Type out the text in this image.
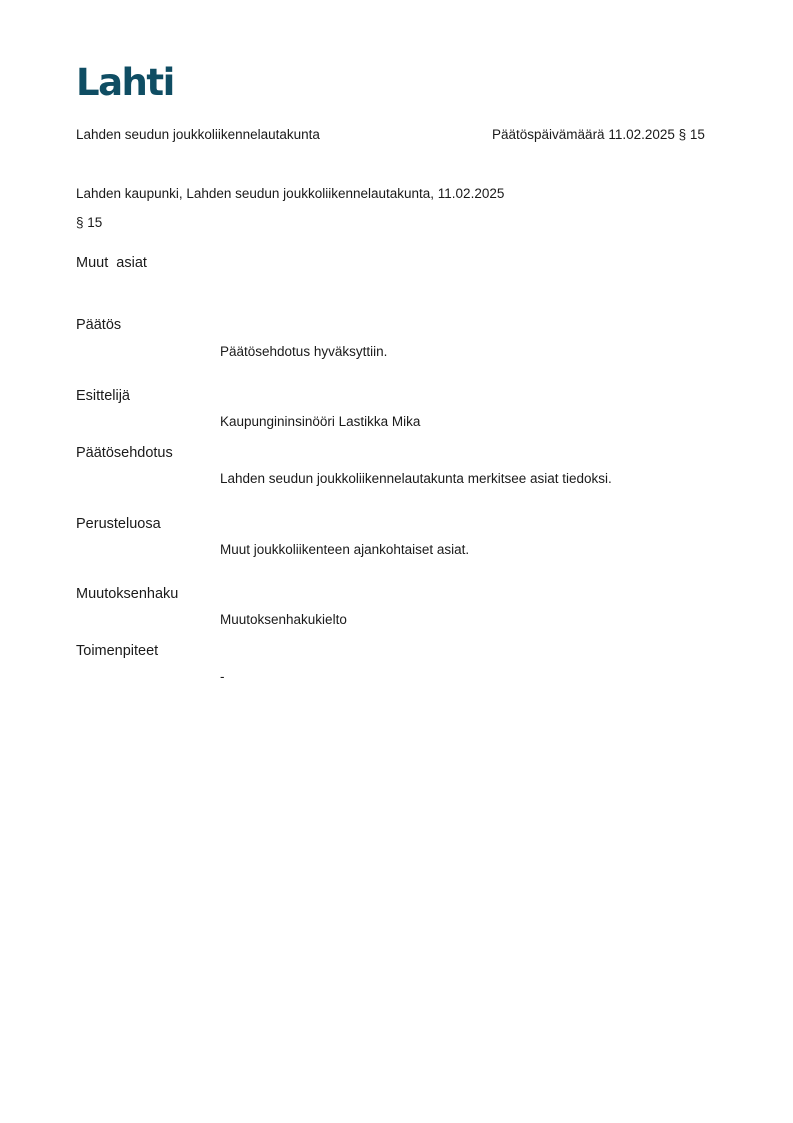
Lahti
Lahden seudun joukkoliikennelautakunta	Päätöspäivämäärä 11.02.2025 § 15
Lahden kaupunki, Lahden seudun joukkoliikennelautakunta, 11.02.2025
§ 15
Muut  asiat
Päätös
Päätösehdotus hyväksyttiin.
Esittelijä
Kaupungininsinööri Lastikka Mika
Päätösehdotus
Lahden seudun joukkoliikennelautakunta merkitsee asiat tiedoksi.
Perusteluosa
Muut joukkoliikenteen ajankohtaiset asiat.
Muutoksenhaku
Muutoksenhakukielto
Toimenpiteet
-
